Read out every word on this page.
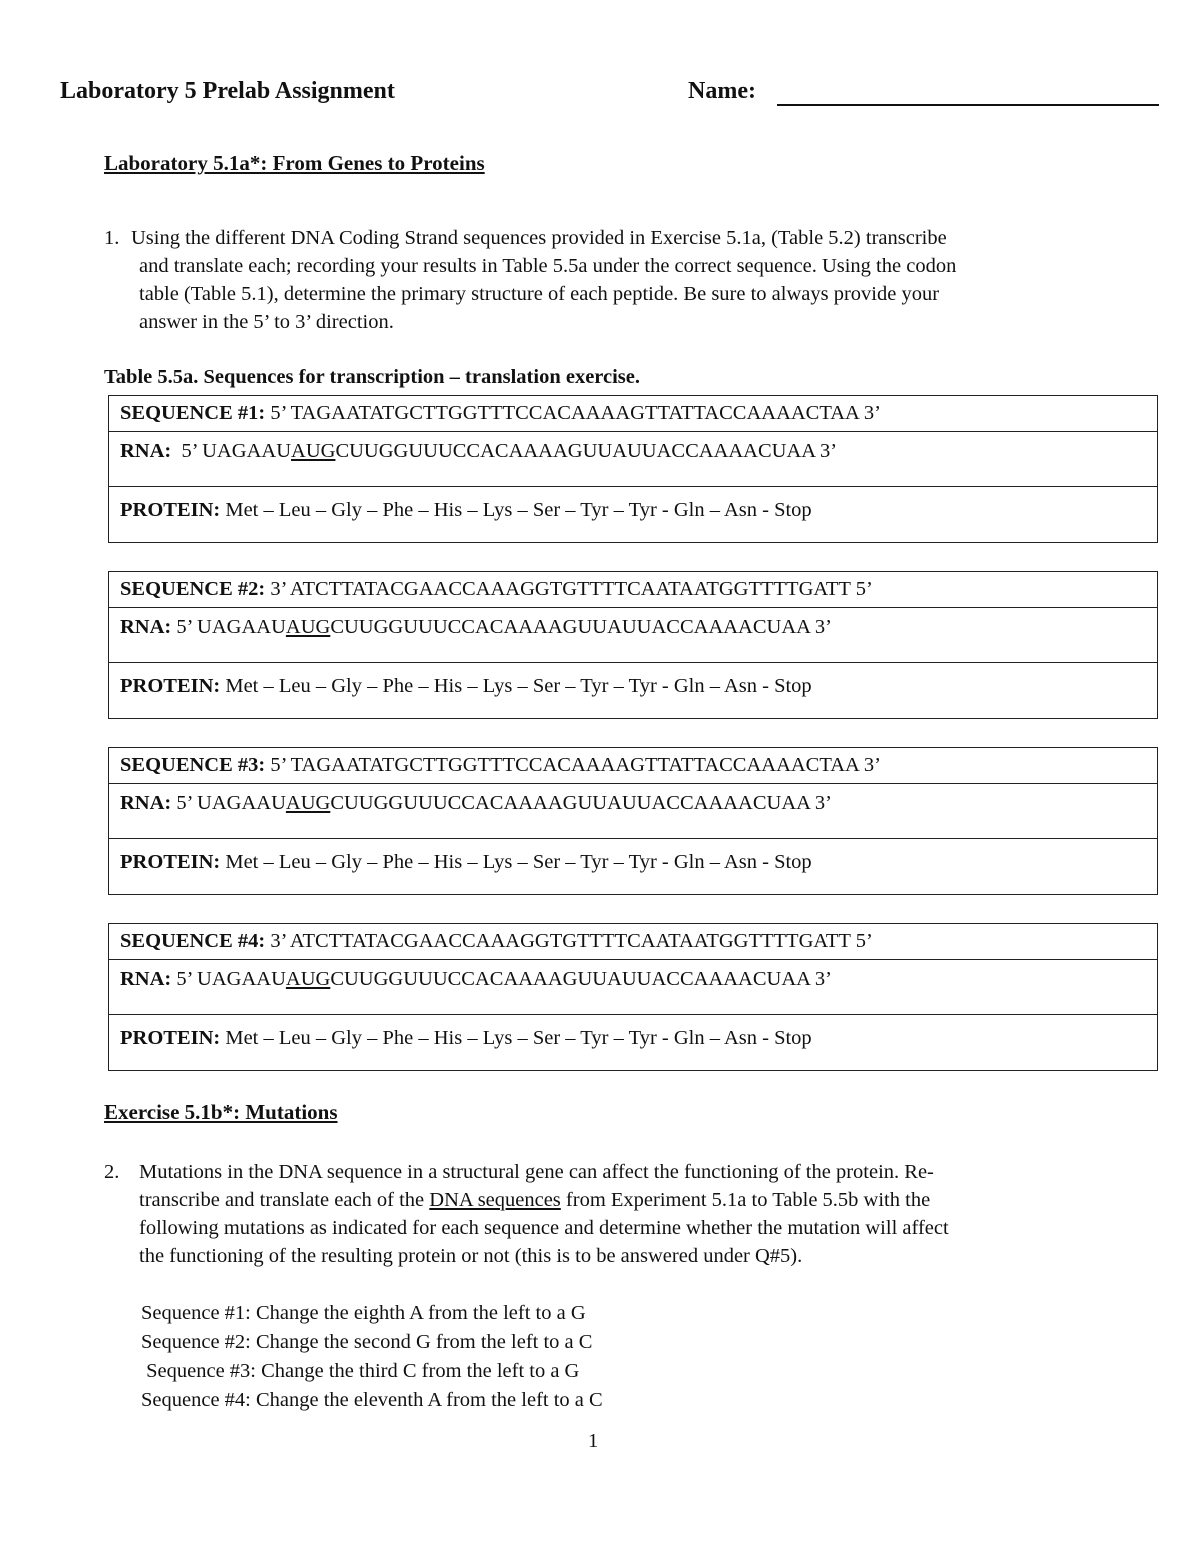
Laboratory 5 Prelab Assignment	Name:
Laboratory 5.1a*: From Genes to Proteins
1. Using the different DNA Coding Strand sequences provided in Exercise 5.1a, (Table 5.2) transcribe
and translate each; recording your results in Table 5.5a under the correct sequence. Using the codon
table (Table 5.1), determine the primary structure of each peptide. Be sure to always provide your
answer in the 5’ to 3’ direction.
Table 5.5a. Sequences for transcription – translation exercise.
SEQUENCE #1: 5’ TAGAATATGCTTGGTTTCCACAAAAGTTATTACCAAAACTAA 3’
RNA:  5’ UAGAAUAUGCUUGGUUUCCACAAAAGUUAUUACCAAAACUAA 3’
PROTEIN: Met – Leu – Gly – Phe – His – Lys – Ser – Tyr – Tyr - Gln – Asn - Stop
SEQUENCE #2: 3’ ATCTTATACGAACCAAAGGTGTTTTCAATAATGGTTTTGATT 5’
RNA: 5’ UAGAAUAUGCUUGGUUUCCACAAAAGUUAUUACCAAAACUAA 3’
PROTEIN: Met – Leu – Gly – Phe – His – Lys – Ser – Tyr – Tyr - Gln – Asn - Stop
SEQUENCE #3: 5’ TAGAATATGCTTGGTTTCCACAAAAGTTATTACCAAAACTAA 3’
RNA: 5’ UAGAAUAUGCUUGGUUUCCACAAAAGUUAUUACCAAAACUAA 3’
PROTEIN: Met – Leu – Gly – Phe – His – Lys – Ser – Tyr – Tyr - Gln – Asn - Stop
SEQUENCE #4: 3’ ATCTTATACGAACCAAAGGTGTTTTCAATAATGGTTTTGATT 5’
RNA: 5’ UAGAAUAUGCUUGGUUUCCACAAAAGUUAUUACCAAAACUAA 3’
PROTEIN: Met – Leu – Gly – Phe – His – Lys – Ser – Tyr – Tyr - Gln – Asn - Stop
Exercise 5.1b*: Mutations
2. Mutations in the DNA sequence in a structural gene can affect the functioning of the protein. Re-
transcribe and translate each of the DNA sequences from Experiment 5.1a to Table 5.5b with the
following mutations as indicated for each sequence and determine whether the mutation will affect
the functioning of the resulting protein or not (this is to be answered under Q#5).
Sequence #1: Change the eighth A from the left to a G
Sequence #2: Change the second G from the left to a C
Sequence #3: Change the third C from the left to a G
Sequence #4: Change the eleventh A from the left to a C
1
